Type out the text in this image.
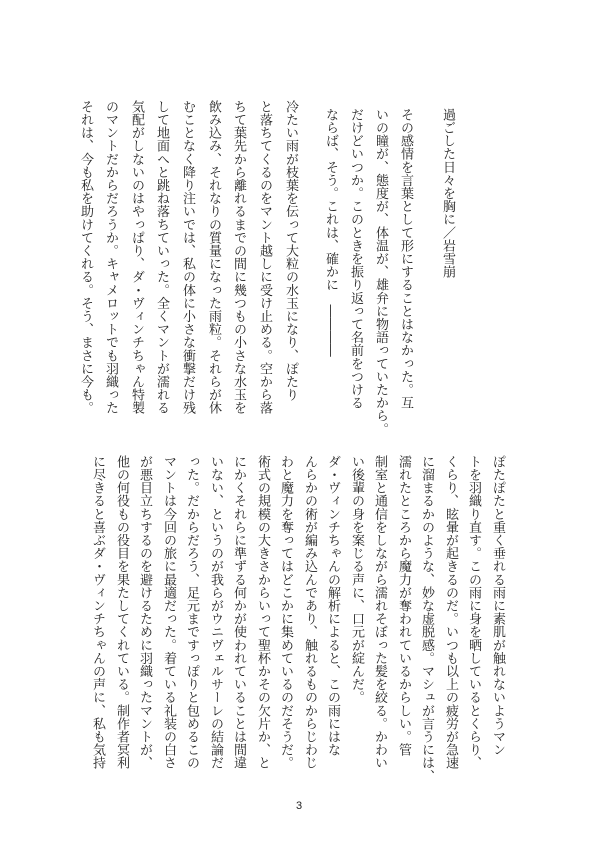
過ごした日々を胸に／岩雪崩
その感情を言葉として形にすることはなかった。互
いの瞳が、態度が、体温が、雄弁に物語っていたから。
だけどいつか。このときを振り返って名前をつける
ならば、そう。これは、確かに　――――
冷たい雨が枝葉を伝って大粒の水玉になり、ぽたり
と落ちてくるのをマント越しに受け止める。空から落
ちて葉先から離れるまでの間に幾つもの小さな水玉を
飲み込み、それなりの質量になった雨粒。それらが休
むことなく降り注いでは、私の体に小さな衝撃だけ残
して地面へと跳ね落ちていった。全くマントが濡れる
気配がしないのはやっぱり、ダ・ヴィンチちゃん特製
のマントだからだろうか。キャメロットでも羽織った
それは、今も私を助けてくれる。そう、まさに今も。
ぽたぽたと重く垂れる雨に素肌が触れないようマン
トを羽織り直す。この雨に身を晒しているとくらり、
くらり、眩暈が起きるのだ。いつも以上の疲労が急速
に溜まるかのような、妙な虚脱感。マシュが言うには、
濡れたところから魔力が奪われているからしい。管
制室と通信をしながら濡れそぼった髪を絞る。かわい
い後輩の身を案じる声に、口元が綻んだ。
ダ・ヴィンチちゃんの解析によると、この雨にはな
んらかの術が編み込んであり、触れるものからじわじ
わと魔力を奪ってはどこかに集めているのだそうだ。
術式の規模の大きさからいって聖杯かその欠片か、と
にかくそれらに準ずる何かが使われていることは間違
いない、というのが我らがウニヴェルサーレの結論だ
った。だからだろう、足元まですっぽりと包めるこの
マントは今回の旅に最適だった。着ている礼装の白さ
が悪目立ちするのを避けるために羽織ったマントが、
他の何役もの役目を果たしてくれている。制作者冥利
に尽きると喜ぶダ・ヴィンチちゃんの声に、私も気持
3
